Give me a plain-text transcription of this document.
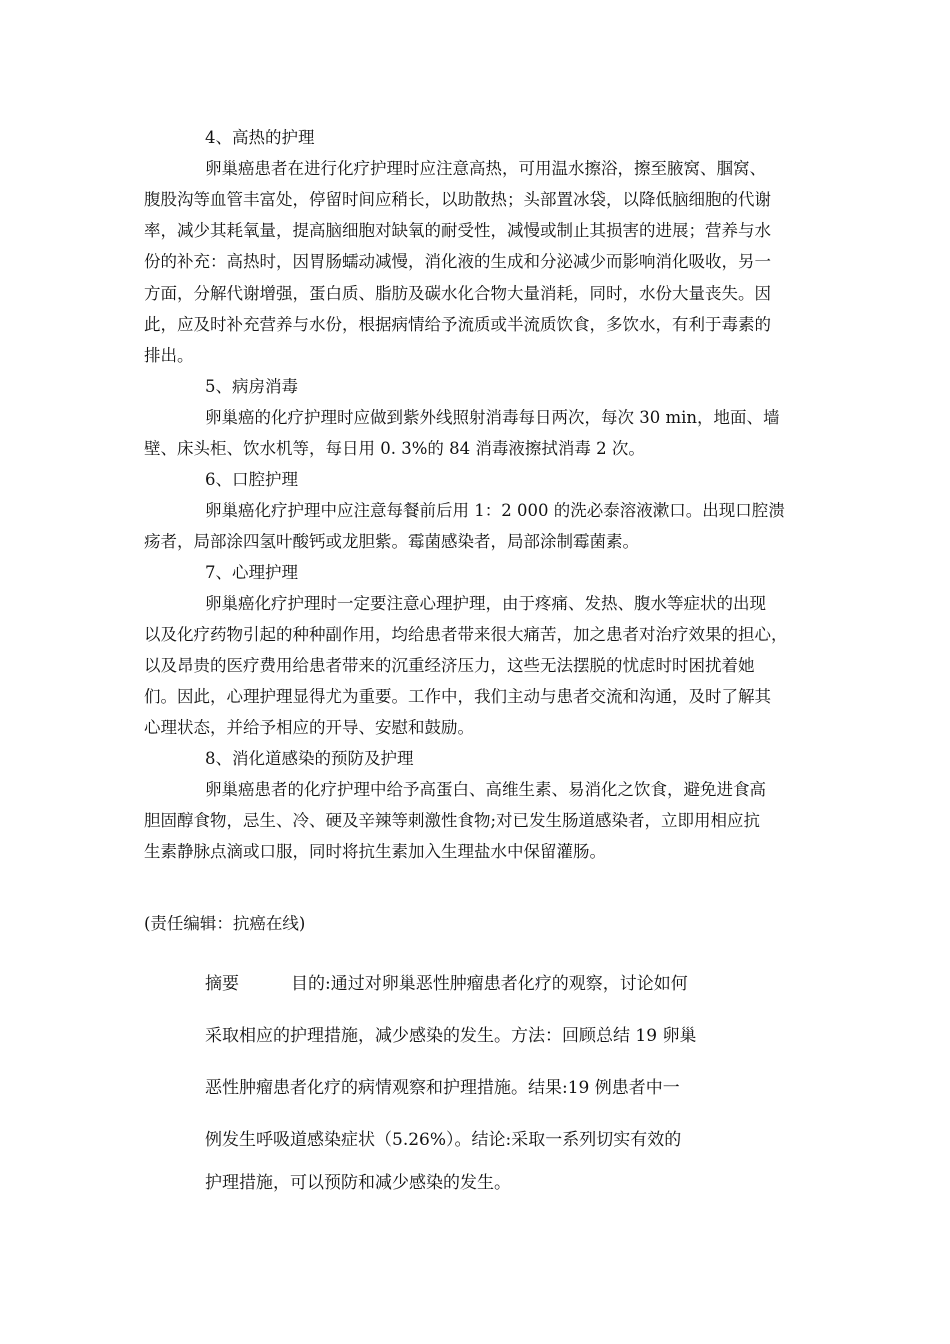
4、高热的护理
卵巢癌患者在进行化疗护理时应注意高热，可用温水擦浴，擦至腋窝、腘窝、
腹股沟等血管丰富处，停留时间应稍长，以助散热；头部置冰袋，以降低脑细胞的代谢
率，减少其耗氧量，提高脑细胞对缺氧的耐受性，减慢或制止其损害的进展；营养与水
份的补充：高热时，因胃肠蠕动减慢，消化液的生成和分泌减少而影响消化吸收，另一
方面，分解代谢增强，蛋白质、脂肪及碳水化合物大量消耗，同时，水份大量丧失。因
此，应及时补充营养与水份，根据病情给予流质或半流质饮食，多饮水，有利于毒素的
排出。
5、病房消毒
卵巢癌的化疗护理时应做到紫外线照射消毒每日两次，每次 30 min，地面、墙
壁、床头柜、饮水机等，每日用 0. 3%的 84 消毒液擦拭消毒 2 次。
6、口腔护理
卵巢癌化疗护理中应注意每餐前后用 1：2 000 的洗必泰溶液漱口。出现口腔溃
疡者，局部涂四氢叶酸钙或龙胆紫。霉菌感染者，局部涂制霉菌素。
7、心理护理
卵巢癌化疗护理时一定要注意心理护理，由于疼痛、发热、腹水等症状的出现
以及化疗药物引起的种种副作用，均给患者带来很大痛苦，加之患者对治疗效果的担心，
以及昂贵的医疗费用给患者带来的沉重经济压力，这些无法摆脱的忧虑时时困扰着她
们。因此，心理护理显得尤为重要。工作中，我们主动与患者交流和沟通，及时了解其
心理状态，并给予相应的开导、安慰和鼓励。
8、消化道感染的预防及护理
卵巢癌患者的化疗护理中给予高蛋白、高维生素、易消化之饮食，避免进食高
胆固醇食物，忌生、冷、硬及辛辣等刺激性食物;对已发生肠道感染者，立即用相应抗
生素静脉点滴或口服，同时将抗生素加入生理盐水中保留灌肠。
(责任编辑：抗癌在线)
摘要	目的:通过对卵巢恶性肿瘤患者化疗的观察，讨论如何
采取相应的护理措施，减少感染的发生。方法：回顾总结 19 卵巢
恶性肿瘤患者化疗的病情观察和护理措施。结果:19 例患者中一
例发生呼吸道感染症状（5.26%）。结论:采取一系列切实有效的
护理措施，可以预防和减少感染的发生。
